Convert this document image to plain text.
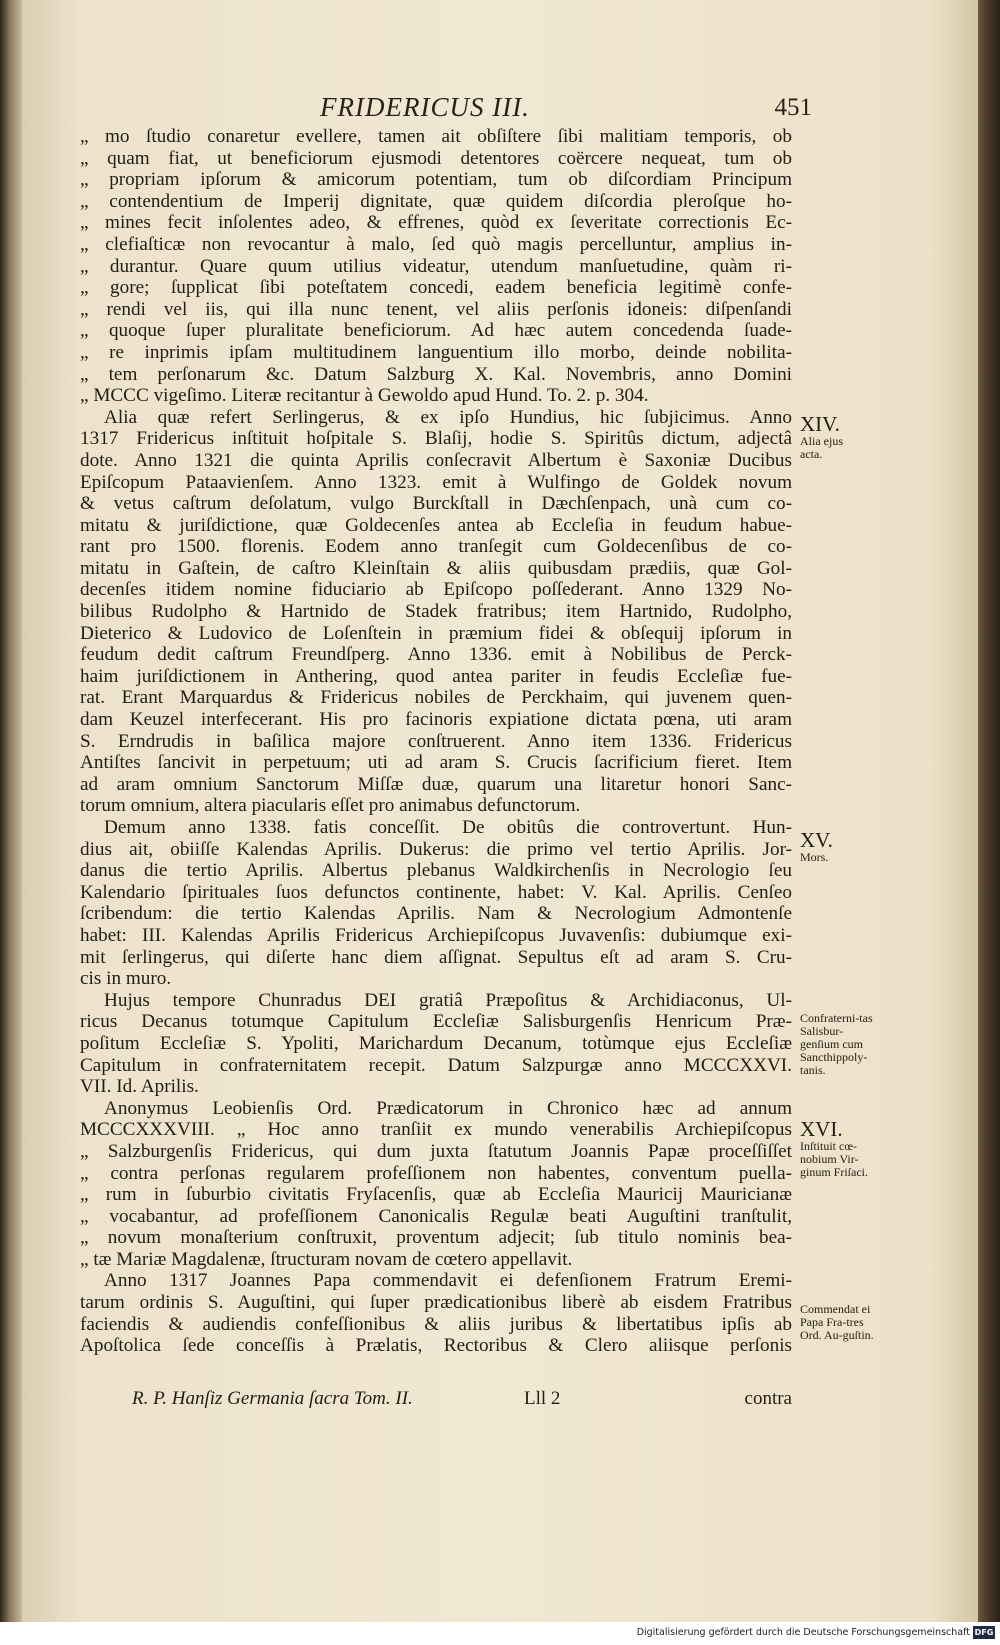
FRIDERICUS III.	451
„ mo ſtudio conaretur evellere, tamen ait obſiſtere ſibi malitiam temporis, ob
„ quam fiat, ut beneficiorum ejusmodi detentores coërcere nequeat, tum ob
„ propriam ipſorum & amicorum potentiam, tum ob diſcordiam Principum
„ contendentium de Imperij dignitate, quæ quidem diſcordia pleroſque ho-
„ mines fecit inſolentes adeo, & effrenes, quòd ex ſeveritate correctionis Ec-
„ clefiaſticæ non revocantur à malo, ſed quò magis percelluntur, amplius in-
„ durantur. Quare quum utilius videatur, utendum manſuetudine, quàm ri-
„ gore; ſupplicat ſibi poteſtatem concedi, eadem beneficia legitimè confe-
„ rendi vel iis, qui illa nunc tenent, vel aliis perſonis idoneis: diſpenſandi
„ quoque ſuper pluralitate beneficiorum. Ad hæc autem concedenda ſuade-
„ re inprimis ipſam multitudinem languentium illo morbo, deinde nobilita-
„ tem perſonarum &c. Datum Salzburg X. Kal. Novembris, anno Domini
„ MCCC vigeſimo. Literæ recitantur à Gewoldo apud Hund. To. 2. p. 304.
Alia quæ refert Serlingerus, & ex ipſo Hundius, hic ſubjicimus. Anno
1317 Fridericus inſtituit hoſpitale S. Blaſij, hodie S. Spiritûs dictum, adjectâ
dote. Anno 1321 die quinta Aprilis conſecravit Albertum è Saxoniæ Ducibus
Epiſcopum Pataavienſem. Anno 1323. emit à Wulfingo de Goldek novum
& vetus caſtrum deſolatum, vulgo Burckſtall in Dæchſenpach, unà cum co-
mitatu & juriſdictione, quæ Goldecenſes antea ab Eccleſia in feudum habue-
rant pro 1500. florenis. Eodem anno tranſegit cum Goldecenſibus de co-
mitatu in Gaſtein, de caſtro Kleinſtain & aliis quibusdam prædiis, quæ Gol-
decenſes itidem nomine fiduciario ab Epiſcopo poſſederant. Anno 1329 No-
bilibus Rudolpho & Hartnido de Stadek fratribus; item Hartnido, Rudolpho,
Dieterico & Ludovico de Loſenſtein in præmium fidei & obſequij ipſorum in
feudum dedit caſtrum Freundſperg. Anno 1336. emit à Nobilibus de Perck-
haim juriſdictionem in Anthering, quod antea pariter in feudis Eccleſiæ fue-
rat. Erant Marquardus & Fridericus nobiles de Perckhaim, qui juvenem quen-
dam Keuzel interfecerant. His pro facinoris expiatione dictata pœna, uti aram
S. Erndrudis in baſilica majore conſtruerent. Anno item 1336. Fridericus
Antiſtes ſancivit in perpetuum; uti ad aram S. Crucis ſacrificium fieret. Item
ad aram omnium Sanctorum Miſſæ duæ, quarum una litaretur honori Sanc-
torum omnium, altera piacularis eſſet pro animabus defunctorum.
Demum anno 1338. fatis conceſſit. De obitûs die controvertunt. Hun-
dius ait, obiiſſe Kalendas Aprilis. Dukerus: die primo vel tertio Aprilis. Jor-
danus die tertio Aprilis. Albertus plebanus Waldkirchenſis in Necrologio ſeu
Kalendario ſpirituales ſuos defunctos continente, habet: V. Kal. Aprilis. Cenſeo
ſcribendum: die tertio Kalendas Aprilis. Nam & Necrologium Admontenſe
habet: III. Kalendas Aprilis Fridericus Archiepiſcopus Juvavenſis: dubiumque exi-
mit ſerlingerus, qui diſerte hanc diem aſſignat. Sepultus eſt ad aram S. Cru-
cis in muro.
Hujus tempore Chunradus DEI gratiâ Præpoſitus & Archidiaconus, Ul-
ricus Decanus totumque Capitulum Eccleſiæ Salisburgenſis Henricum Præ-
poſitum Eccleſiæ S. Ypoliti, Marichardum Decanum, totùmque ejus Eccleſiæ
Capitulum in confraternitatem recepit. Datum Salzpurgæ anno MCCCXXVI.
VII. Id. Aprilis.
Anonymus Leobienſis Ord. Prædicatorum in Chronico hæc ad annum
MCCCXXXVIII. „ Hoc anno tranſiit ex mundo venerabilis Archiepiſcopus
„ Salzburgenſis Fridericus, qui dum juxta ſtatutum Joannis Papæ proceſſiſſet
„ contra perſonas regularem profeſſionem non habentes, conventum puella-
„ rum in ſuburbio civitatis Fryſacenſis, quæ ab Eccleſia Mauricij Mauricianæ
„ vocabantur, ad profeſſionem Canonicalis Regulæ beati Auguſtini tranſtulit,
„ novum monaſterium conſtruxit, proventum adjecit; ſub titulo nominis bea-
„ tæ Mariæ Magdalenæ, ſtructuram novam de cœtero appellavit.
Anno 1317 Joannes Papa commendavit ei defenſionem Fratrum Eremi-
tarum ordinis S. Auguſtini, qui ſuper prædicationibus liberè ab eisdem Fratribus
faciendis & audiendis confeſſionibus & aliis juribus & libertatibus ipſis ab
Apoſtolica ſede conceſſis à Prælatis, Rectoribus & Clero aliisque perſonis
XIV.
Alia ejus acta.
XV.
Mors.
Confraterni-tas Salisbur-genſium cum Sancthippoly-tanis.
XVI.
Inſtituit cœ-nobium Vir-ginum Friſaci.
Commendat ei Papa Fra-tres Ord. Au-guſtin.
R. P. Hanſiz Germania ſacra Tom. II.	Lll 2	contra
Digitalisierung gefördert durch die Deutsche Forschungsgemeinschaft DFG
